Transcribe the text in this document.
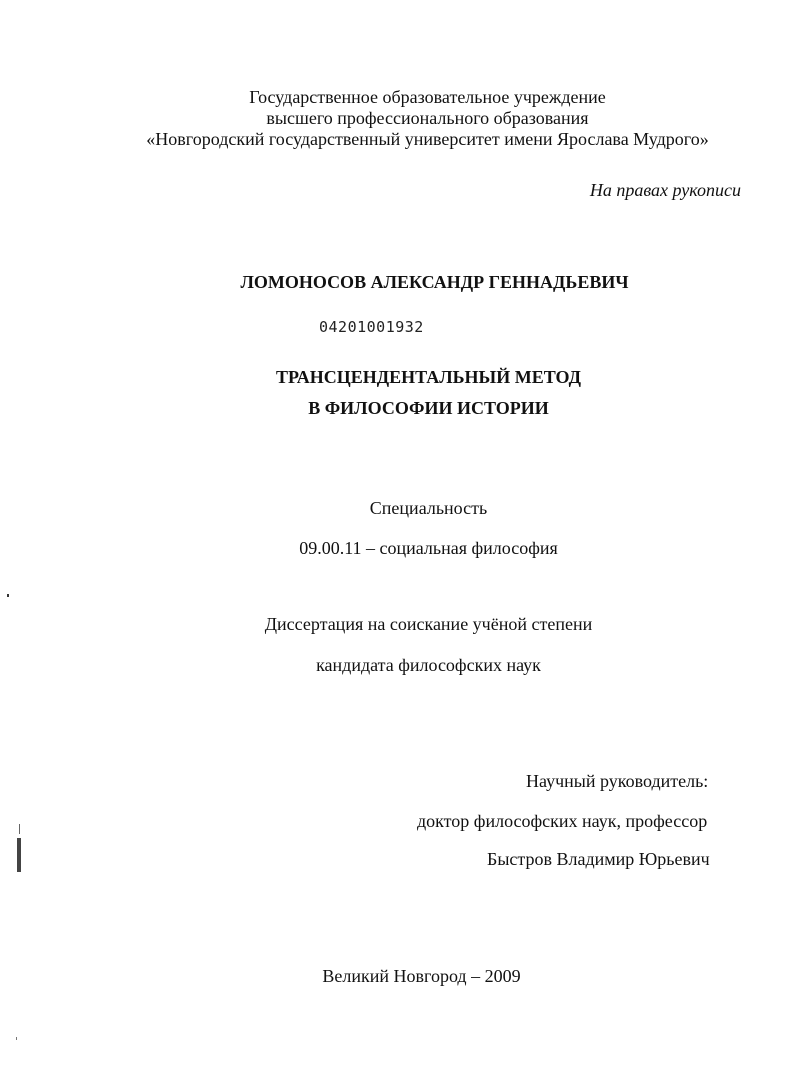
Государственное образовательное учреждение
высшего профессионального образования
«Новгородский государственный университет имени Ярослава Мудрого»
На правах рукописи
ЛОМОНОСОВ АЛЕКСАНДР ГЕННАДЬЕВИЧ
04201001932
ТРАНСЦЕНДЕНТАЛЬНЫЙ МЕТОД
В ФИЛОСОФИИ ИСТОРИИ
Специальность
09.00.11 – социальная философия
Диссертация на соискание учёной степени
кандидата философских наук
Научный руководитель:
доктор философских наук, профессор
Быстров Владимир Юрьевич
Великий Новгород – 2009
